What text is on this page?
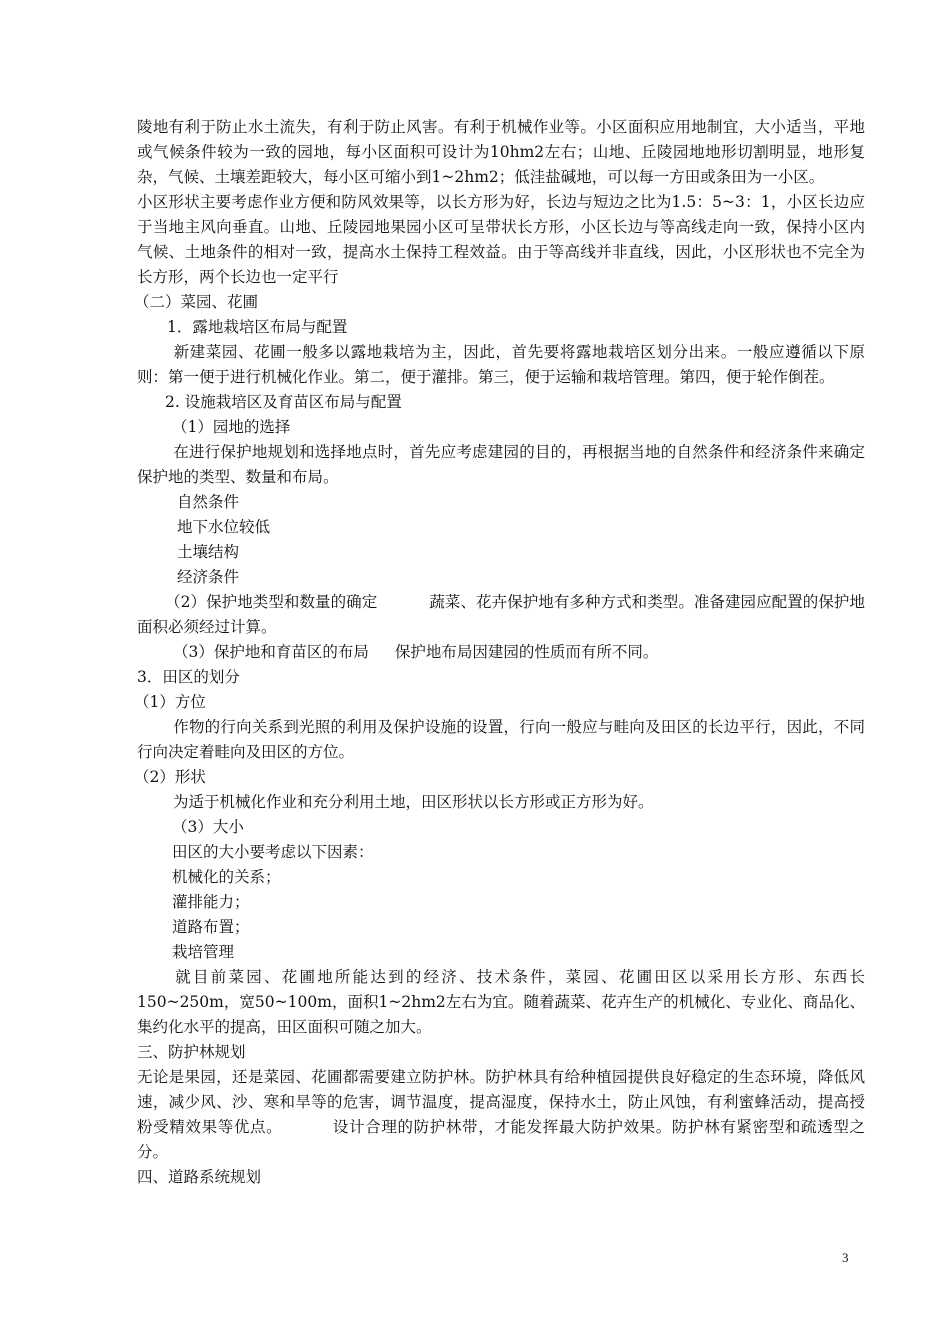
陵地有利于防止水土流失，有利于防止风害。有利于机械作业等。小区面积应用地制宜，大小适当，平地或气候条件较为一致的园地，每小区面积可设计为10hm2左右；山地、丘陵园地地形切割明显，地形复杂，气候、土壤差距较大，每小区可缩小到1~2hm2；低洼盐碱地，可以每一方田或条田为一小区。

小区形状主要考虑作业方便和防风效果等，以长方形为好，长边与短边之比为1.5：5~3：1，小区长边应于当地主风向垂直。山地、丘陵园地果园小区可呈带状长方形，小区长边与等高线走向一致，保持小区内气候、土地条件的相对一致，提高水土保持工程效益。由于等高线并非直线，因此，小区形状也不完全为长方形，两个长边也一定平行

（二）菜园、花圃

1．露地栽培区布局与配置

新建菜园、花圃一般多以露地栽培为主，因此，首先要将露地栽培区划分出来。一般应遵循以下原则：第一便于进行机械化作业。第二，便于灌排。第三，便于运输和栽培管理。第四，便于轮作倒茬。

2. 设施栽培区及育苗区布局与配置

（1）园地的选择

在进行保护地规划和选择地点时，首先应考虑建园的目的，再根据当地的自然条件和经济条件来确定保护地的类型、数量和布局。

自然条件

地下水位较低

土壤结构

经济条件

（2）保护地类型和数量的确定	蔬菜、花卉保护地有多种方式和类型。准备建园应配置的保护地面积必须经过计算。

（3）保护地和育苗区的布局 保护地布局因建园的性质而有所不同。

3．田区的划分

（1）方位

作物的行向关系到光照的利用及保护设施的设置，行向一般应与畦向及田区的长边平行，因此，不同行向决定着畦向及田区的方位。

（2）形状

为适于机械化作业和充分利用土地，田区形状以长方形或正方形为好。

（3）大小

田区的大小要考虑以下因素：

机械化的关系；

灌排能力；

道路布置；

栽培管理

就目前菜园、花圃地所能达到的经济、技术条件，菜园、花圃田区以采用长方形、东西长150~250m，宽50~100m，面积1~2hm2左右为宜。随着蔬菜、花卉生产的机械化、专业化、商品化、集约化水平的提高，田区面积可随之加大。

三、防护林规划

无论是果园，还是菜园、花圃都需要建立防护林。防护林具有给种植园提供良好稳定的生态环境，降低风速，减少风、沙、寒和旱等的危害，调节温度，提高湿度，保持水土，防止风蚀，有利蜜蜂活动，提高授粉受精效果等优点。	设计合理的防护林带，才能发挥最大防护效果。防护林有紧密型和疏透型之分。

四、道路系统规划

3
